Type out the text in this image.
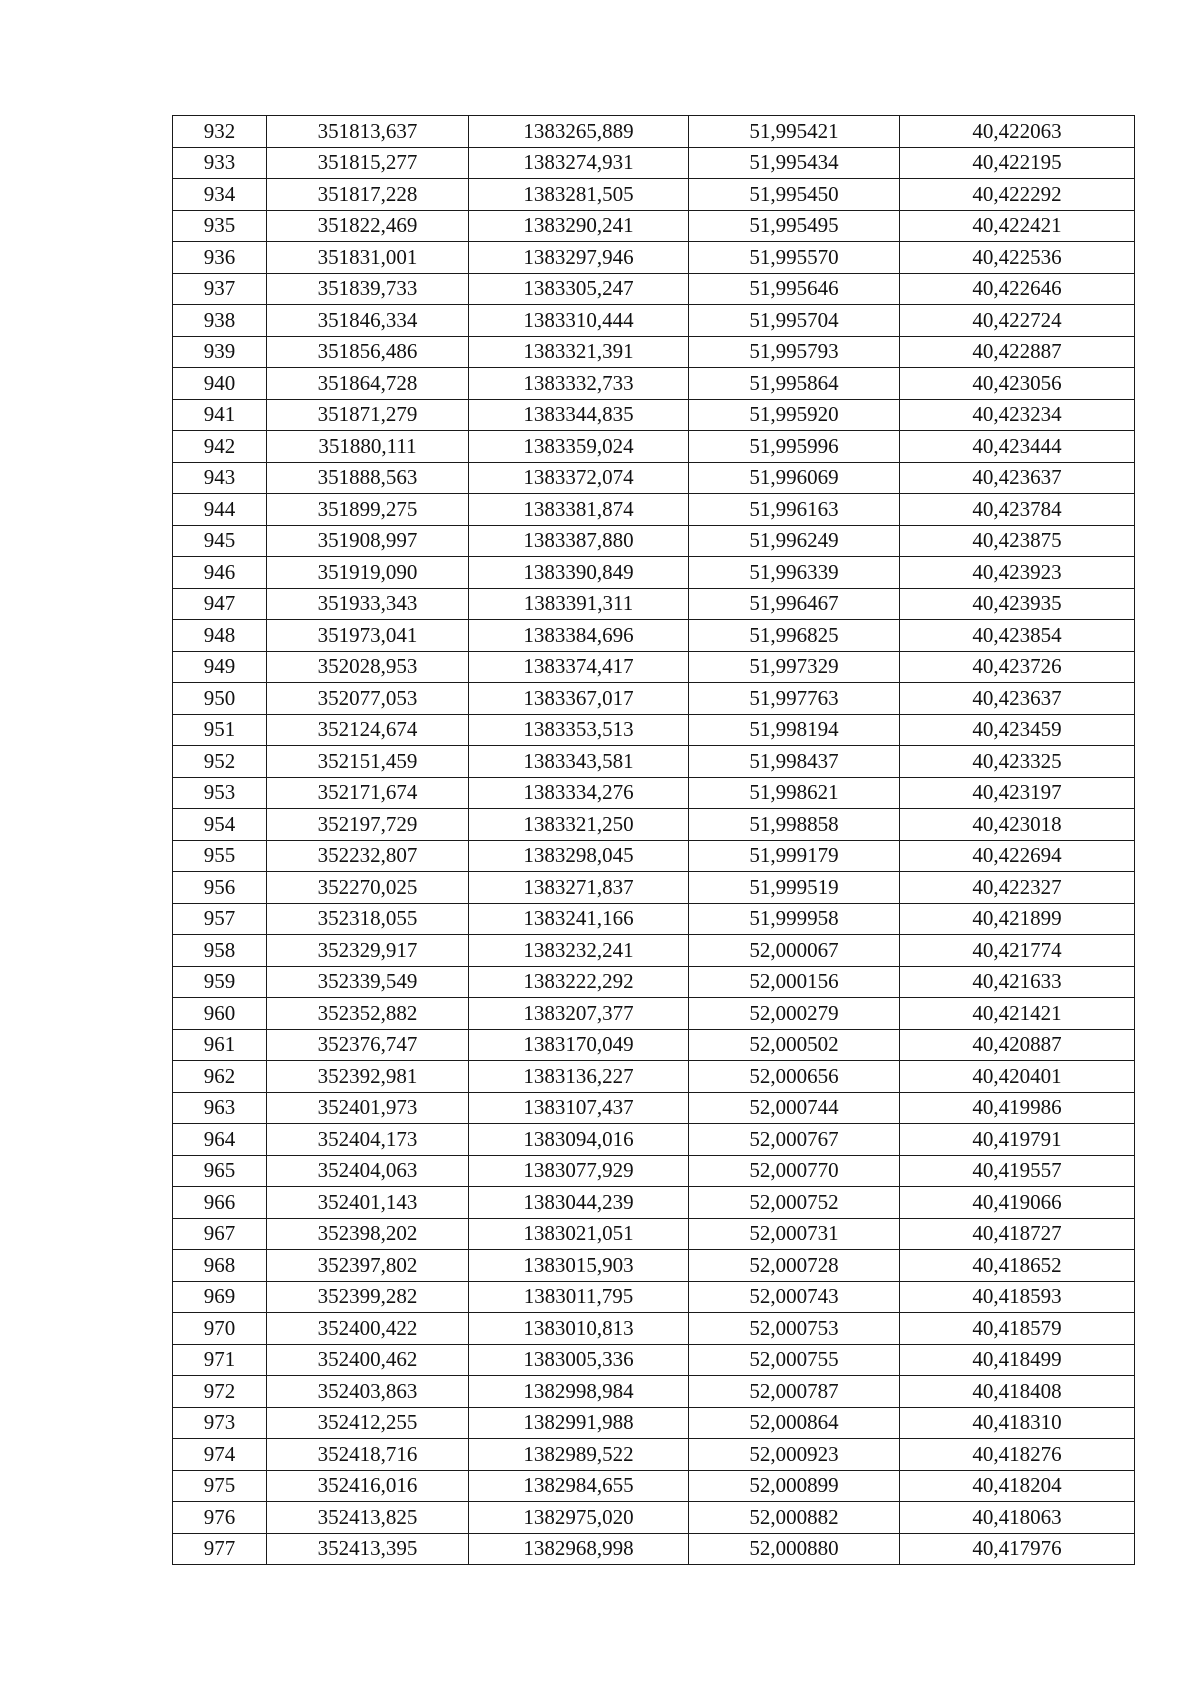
932	351813,637	1383265,889	51,995421	40,422063
933	351815,277	1383274,931	51,995434	40,422195
934	351817,228	1383281,505	51,995450	40,422292
935	351822,469	1383290,241	51,995495	40,422421
936	351831,001	1383297,946	51,995570	40,422536
937	351839,733	1383305,247	51,995646	40,422646
938	351846,334	1383310,444	51,995704	40,422724
939	351856,486	1383321,391	51,995793	40,422887
940	351864,728	1383332,733	51,995864	40,423056
941	351871,279	1383344,835	51,995920	40,423234
942	351880,111	1383359,024	51,995996	40,423444
943	351888,563	1383372,074	51,996069	40,423637
944	351899,275	1383381,874	51,996163	40,423784
945	351908,997	1383387,880	51,996249	40,423875
946	351919,090	1383390,849	51,996339	40,423923
947	351933,343	1383391,311	51,996467	40,423935
948	351973,041	1383384,696	51,996825	40,423854
949	352028,953	1383374,417	51,997329	40,423726
950	352077,053	1383367,017	51,997763	40,423637
951	352124,674	1383353,513	51,998194	40,423459
952	352151,459	1383343,581	51,998437	40,423325
953	352171,674	1383334,276	51,998621	40,423197
954	352197,729	1383321,250	51,998858	40,423018
955	352232,807	1383298,045	51,999179	40,422694
956	352270,025	1383271,837	51,999519	40,422327
957	352318,055	1383241,166	51,999958	40,421899
958	352329,917	1383232,241	52,000067	40,421774
959	352339,549	1383222,292	52,000156	40,421633
960	352352,882	1383207,377	52,000279	40,421421
961	352376,747	1383170,049	52,000502	40,420887
962	352392,981	1383136,227	52,000656	40,420401
963	352401,973	1383107,437	52,000744	40,419986
964	352404,173	1383094,016	52,000767	40,419791
965	352404,063	1383077,929	52,000770	40,419557
966	352401,143	1383044,239	52,000752	40,419066
967	352398,202	1383021,051	52,000731	40,418727
968	352397,802	1383015,903	52,000728	40,418652
969	352399,282	1383011,795	52,000743	40,418593
970	352400,422	1383010,813	52,000753	40,418579
971	352400,462	1383005,336	52,000755	40,418499
972	352403,863	1382998,984	52,000787	40,418408
973	352412,255	1382991,988	52,000864	40,418310
974	352418,716	1382989,522	52,000923	40,418276
975	352416,016	1382984,655	52,000899	40,418204
976	352413,825	1382975,020	52,000882	40,418063
977	352413,395	1382968,998	52,000880	40,417976
